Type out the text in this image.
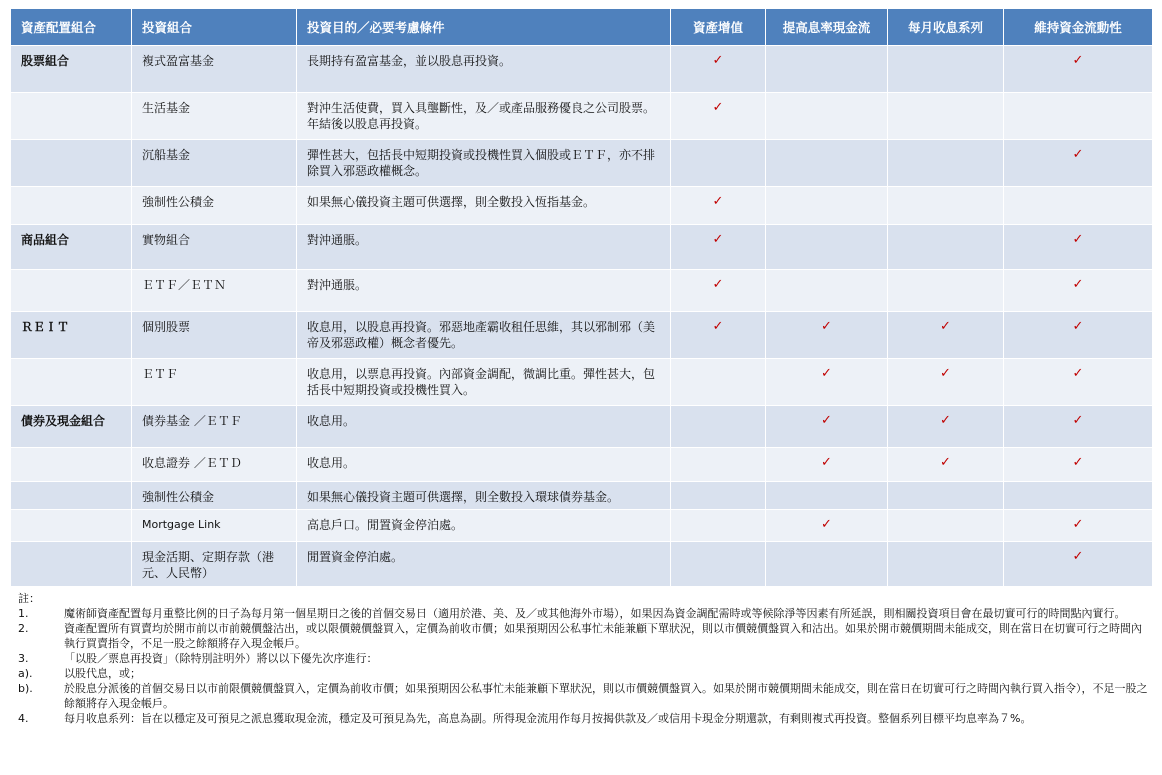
資產配置組合	投資組合	投資目的／必要考慮條件	資產增值	提高息率現金流	每月收息系列	維持資金流動性
股票組合	複式盈富基金	長期持有盈富基金，並以股息再投資。	✓			✓
	生活基金	對沖生活使費，買入具壟斷性，及／或產品服務優良之公司股票。年結後以股息再投資。	✓			
	沉船基金	彈性甚大，包括長中短期投資或投機性買入個股或ＥＴＦ，亦不排除買入邪惡政權概念。				✓
	強制性公積金	如果無心儀投資主題可供選擇，則全數投入恆指基金。	✓			
商品組合	實物組合	對沖通脹。	✓			✓
	ＥＴＦ／ＥＴＮ	對沖通脹。	✓			✓
ＲＥＩＴ	個別股票	收息用，以股息再投資。邪惡地產霸收租任思維，其以邪制邪（美帝及邪惡政權）概念者優先。	✓	✓	✓	✓
	ＥＴＦ	收息用，以票息再投資。內部資金調配，微調比重。彈性甚大，包括長中短期投資或投機性買入。		✓	✓	✓
債券及現金組合	債券基金 ／ＥＴＦ	收息用。		✓	✓	✓
	收息證券 ／ＥＴＤ	收息用。		✓	✓	✓
	強制性公積金	如果無心儀投資主題可供選擇，則全數投入環球債券基金。				
	Mortgage Link	高息戶口。閒置資金停泊處。		✓		✓
	現金活期、定期存款（港元、人民幣）	閒置資金停泊處。				✓
註：
1.	魔術師資產配置每月重整比例的日子為每月第一個星期日之後的首個交易日（適用於港、美、及／或其他海外市場），如果因為資金調配需時或等候除淨等因素有所延誤，則相關投資項目會在最切實可行的時間點內實行。
2.	資產配置所有買賣均於開市前以市前競價盤沽出，或以限價競價盤買入，定價為前收市價；如果預期因公私事忙未能兼顧下單狀況，則以市價競價盤買入和沽出。如果於開市競價期間未能成交，則在當日在切實可行之時間內執行買賣指令，不足一股之餘額將存入現金帳戶。
3.	「以股／票息再投資」（除特別註明外）將以以下優先次序進行：
a).	以股代息，或；
b).	於股息分派後的首個交易日以市前限價競價盤買入，定價為前收市價；如果預期因公私事忙未能兼顧下單狀況，則以市價競價盤買入。如果於開市競價期間未能成交，則在當日在切實可行之時間內執行買入指令），不足一股之餘額將存入現金帳戶。
4.	每月收息系列：旨在以穩定及可預見之派息獲取現金流，穩定及可預見為先，高息為副。所得現金流用作每月按揭供款及／或信用卡現金分期還款，有剩則複式再投資。整個系列目標平均息率為７%。
